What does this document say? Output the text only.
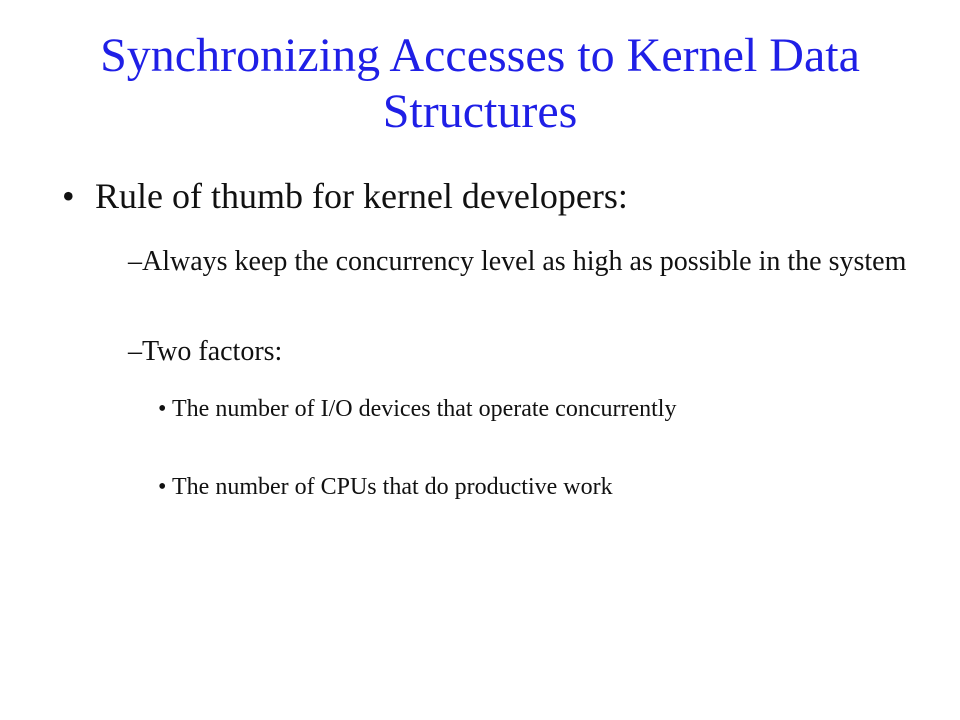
Synchronizing Accesses to Kernel Data Structures
• Rule of thumb for kernel developers:
– Always keep the concurrency level as high as possible in the system
– Two factors:
• The number of I/O devices that operate concurrently
• The number of CPUs that do productive work
